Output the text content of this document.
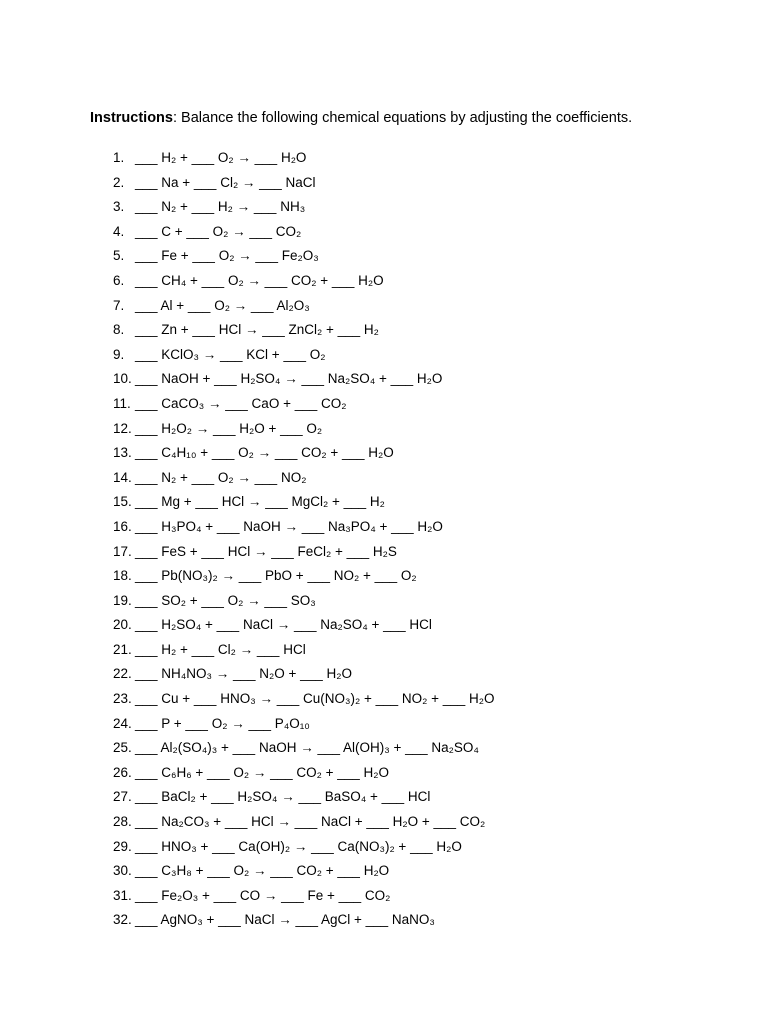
Instructions: Balance the following chemical equations by adjusting the coefficients.
1. ___ H₂ + ___ O₂ → ___ H₂O
2. ___ Na + ___ Cl₂ → ___ NaCl
3. ___ N₂ + ___ H₂ → ___ NH₃
4. ___ C + ___ O₂ → ___ CO₂
5. ___ Fe + ___ O₂ → ___ Fe₂O₃
6. ___ CH₄ + ___ O₂ → ___ CO₂ + ___ H₂O
7. ___ Al + ___ O₂ → ___ Al₂O₃
8. ___ Zn + ___ HCl → ___ ZnCl₂ + ___ H₂
9. ___ KClO₃ → ___ KCl + ___ O₂
10. ___ NaOH + ___ H₂SO₄ → ___ Na₂SO₄ + ___ H₂O
11. ___ CaCO₃ → ___ CaO + ___ CO₂
12. ___ H₂O₂ → ___ H₂O + ___ O₂
13. ___ C₄H₁₀ + ___ O₂ → ___ CO₂ + ___ H₂O
14. ___ N₂ + ___ O₂ → ___ NO₂
15. ___ Mg + ___ HCl → ___ MgCl₂ + ___ H₂
16. ___ H₃PO₄ + ___ NaOH → ___ Na₃PO₄ + ___ H₂O
17. ___ FeS + ___ HCl → ___ FeCl₂ + ___ H₂S
18. ___ Pb(NO₃)₂ → ___ PbO + ___ NO₂ + ___ O₂
19. ___ SO₂ + ___ O₂ → ___ SO₃
20. ___ H₂SO₄ + ___ NaCl → ___ Na₂SO₄ + ___ HCl
21. ___ H₂ + ___ Cl₂ → ___ HCl
22. ___ NH₄NO₃ → ___ N₂O + ___ H₂O
23. ___ Cu + ___ HNO₃ → ___ Cu(NO₃)₂ + ___ NO₂ + ___ H₂O
24. ___ P + ___ O₂ → ___ P₄O₁₀
25. ___ Al₂(SO₄)₃ + ___ NaOH → ___ Al(OH)₃ + ___ Na₂SO₄
26. ___ C₆H₆ + ___ O₂ → ___ CO₂ + ___ H₂O
27. ___ BaCl₂ + ___ H₂SO₄ → ___ BaSO₄ + ___ HCl
28. ___ Na₂CO₃ + ___ HCl → ___ NaCl + ___ H₂O + ___ CO₂
29. ___ HNO₃ + ___ Ca(OH)₂ → ___ Ca(NO₃)₂ + ___ H₂O
30. ___ C₃H₈ + ___ O₂ → ___ CO₂ + ___ H₂O
31. ___ Fe₂O₃ + ___ CO → ___ Fe + ___ CO₂
32. ___ AgNO₃ + ___ NaCl → ___ AgCl + ___ NaNO₃
